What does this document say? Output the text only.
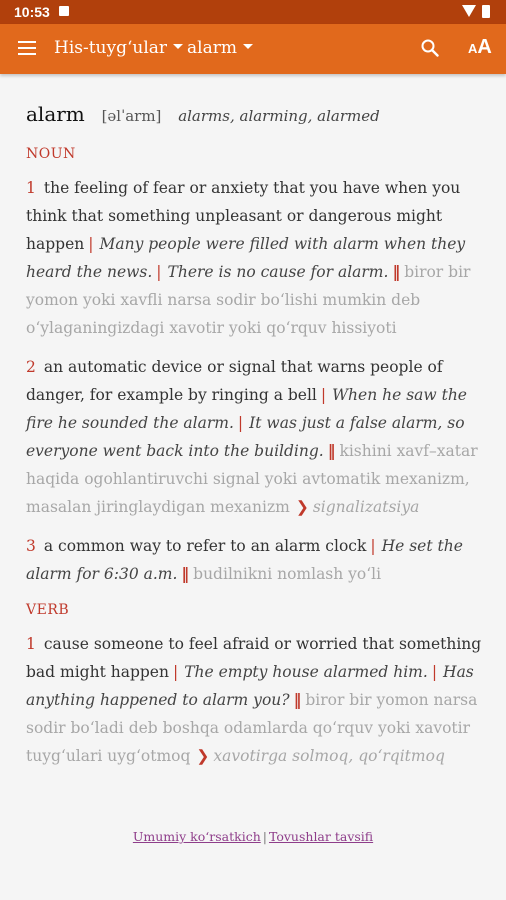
10:53
His-tuyg‘ular	alarm	AA
alarm [əlˈarm] alarms, alarming, alarmed
NOUN
1 the feeling of fear or anxiety that you have when you think that something unpleasant or dangerous might happen | Many people were filled with alarm when they heard the news. | There is no cause for alarm. ‖ biror bir yomon yoki xavfli narsa sodir bo‘lishi mumkin deb o‘ylaganingizdagi xavotir yoki qo‘rquv hissiyoti
2 an automatic device or signal that warns people of danger, for example by ringing a bell | When he saw the fire he sounded the alarm. | It was just a false alarm, so everyone went back into the building. ‖ kishini xavf–xatar haqida ogohlantiruvchi signal yoki avtomatik mexanizm, masalan jiringlaydigan mexanizm ❯ signalizatsiya
3 a common way to refer to an alarm clock | He set the alarm for 6:30 a.m. ‖ budilnikni nomlash yo‘li
VERB
1 cause someone to feel afraid or worried that something bad might happen | The empty house alarmed him. | Has anything happened to alarm you? ‖ biror bir yomon narsa sodir bo‘ladi deb boshqa odamlarda qo‘rquv yoki xavotir tuyg‘ulari uyg‘otmoq ❯ xavotirga solmoq, qo‘rqitmoq
Umumiy ko‘rsatkich | Tovushlar tavsifi
